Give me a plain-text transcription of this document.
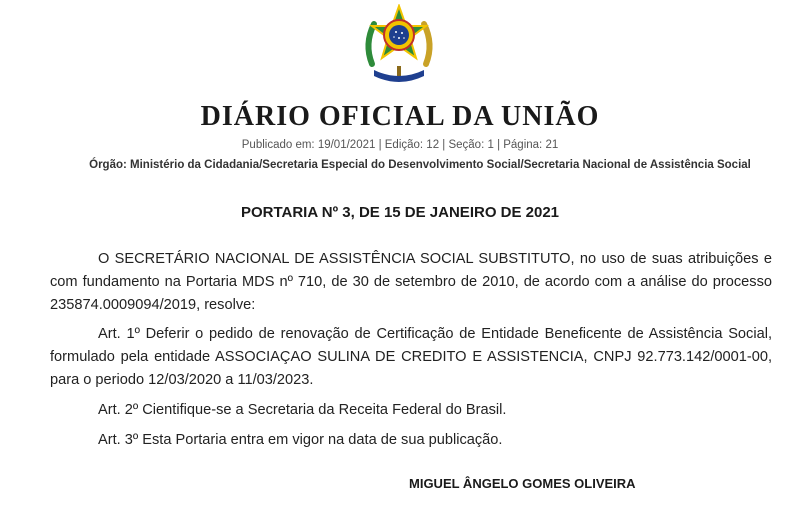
DIÁRIO OFICIAL DA UNIÃO
Publicado em: 19/01/2021 | Edição: 12 | Seção: 1 | Página: 21
Órgão: Ministério da Cidadania/Secretaria Especial do Desenvolvimento Social/Secretaria Nacional de Assistência Social
PORTARIA Nº 3, DE 15 DE JANEIRO DE 2021

O SECRETÁRIO NACIONAL DE ASSISTÊNCIA SOCIAL SUBSTITUTO, no uso de suas atribuições e com fundamento na Portaria MDS nº 710, de 30 de setembro de 2010, de acordo com a análise do processo 235874.0009094/2019, resolve:

Art. 1º Deferir o pedido de renovação de Certificação de Entidade Beneficente de Assistência Social, formulado pela entidade ASSOCIAÇAO SULINA DE CREDITO E ASSISTENCIA, CNPJ 92.773.142/0001-00, para o periodo 12/03/2020 a 11/03/2023.

Art. 2º Cientifique-se a Secretaria da Receita Federal do Brasil.

Art. 3º Esta Portaria entra em vigor na data de sua publicação.

MIGUEL ÂNGELO GOMES OLIVEIRA
